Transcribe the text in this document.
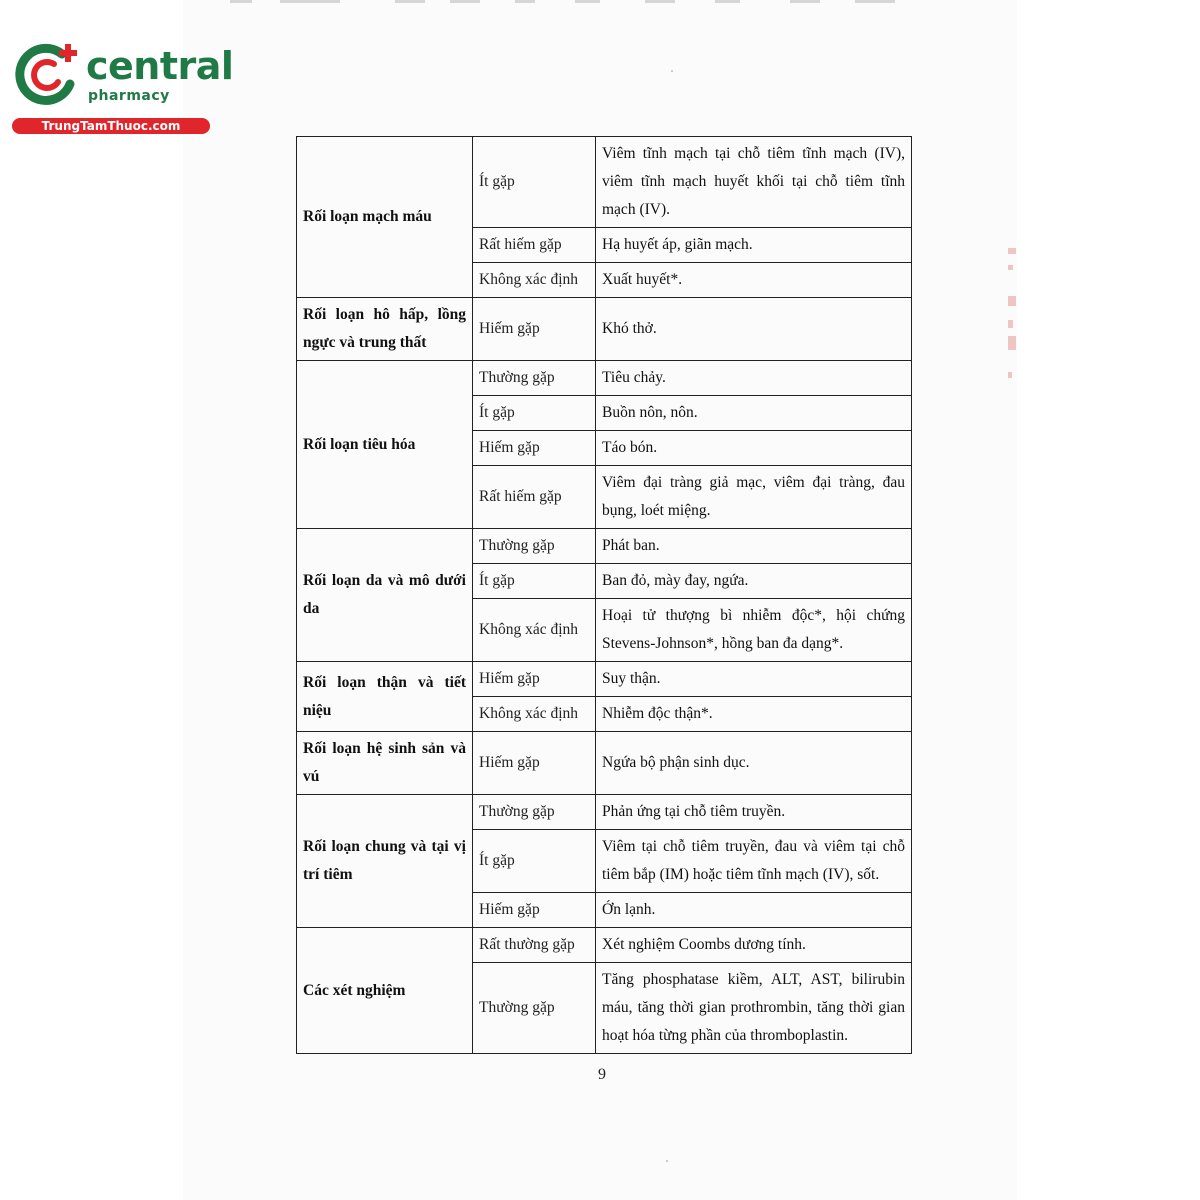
central
pharmacy
TrungTamThuoc.com
Rối loạn mạch máu	Ít gặp	Viêm tĩnh mạch tại chỗ tiêm tĩnh mạch (IV), viêm tĩnh mạch huyết khối tại chỗ tiêm tĩnh mạch (IV).
	Rất hiếm gặp	Hạ huyết áp, giãn mạch.
	Không xác định	Xuất huyết*.
Rối loạn hô hấp, lồng ngực và trung thất	Hiếm gặp	Khó thở.
Rối loạn tiêu hóa	Thường gặp	Tiêu chảy.
	Ít gặp	Buồn nôn, nôn.
	Hiếm gặp	Táo bón.
	Rất hiếm gặp	Viêm đại tràng giả mạc, viêm đại tràng, đau bụng, loét miệng.
Rối loạn da và mô dưới da	Thường gặp	Phát ban.
	Ít gặp	Ban đỏ, mày đay, ngứa.
	Không xác định	Hoại tử thượng bì nhiễm độc*, hội chứng Stevens-Johnson*, hồng ban đa dạng*.
Rối loạn thận và tiết niệu	Hiếm gặp	Suy thận.
	Không xác định	Nhiễm độc thận*.
Rối loạn hệ sinh sản và vú	Hiếm gặp	Ngứa bộ phận sinh dục.
Rối loạn chung và tại vị trí tiêm	Thường gặp	Phản ứng tại chỗ tiêm truyền.
	Ít gặp	Viêm tại chỗ tiêm truyền, đau và viêm tại chỗ tiêm bắp (IM) hoặc tiêm tĩnh mạch (IV), sốt.
	Hiếm gặp	Ớn lạnh.
Các xét nghiệm	Rất thường gặp	Xét nghiệm Coombs dương tính.
	Thường gặp	Tăng phosphatase kiềm, ALT, AST, bilirubin máu, tăng thời gian prothrombin, tăng thời gian hoạt hóa từng phần của thromboplastin.
9
